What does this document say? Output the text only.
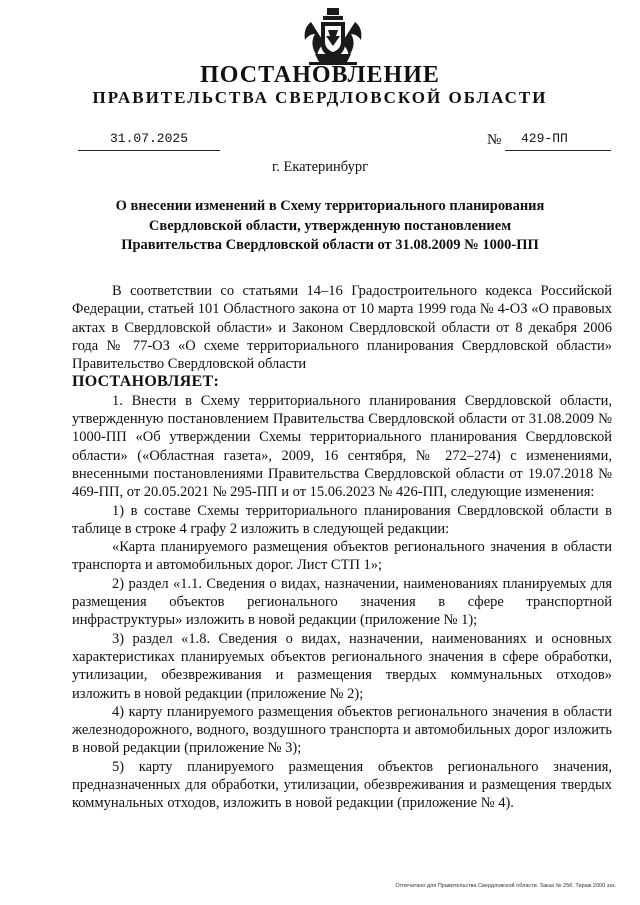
ПОСТАНОВЛЕНИЕ
ПРАВИТЕЛЬСТВА СВЕРДЛОВСКОЙ ОБЛАСТИ
31.07.2025	№ 429-ПП
г. Екатеринбург
О внесении изменений в Схему территориального планирования
Свердловской области, утвержденную постановлением
Правительства Свердловской области от 31.08.2009 № 1000-ПП

В соответствии со статьями 14–16 Градостроительного кодекса Российской Федерации, статьей 101 Областного закона от 10 марта 1999 года № 4-ОЗ «О правовых актах в Свердловской области» и Законом Свердловской области от 8 декабря 2006 года № 77-ОЗ «О схеме территориального планирования Свердловской области» Правительство Свердловской области

ПОСТАНОВЛЯЕТ:

1. Внести в Схему территориального планирования Свердловской области, утвержденную постановлением Правительства Свердловской области от 31.08.2009 № 1000-ПП «Об утверждении Схемы территориального планирования Свердловской области» («Областная газета», 2009, 16 сентября, № 272–274) с изменениями, внесенными постановлениями Правительства Свердловской области от 19.07.2018 № 469-ПП, от 20.05.2021 № 295-ПП и от 15.06.2023 № 426-ПП, следующие изменения:

1) в составе Схемы территориального планирования Свердловской области в таблице в строке 4 графу 2 изложить в следующей редакции:

«Карта планируемого размещения объектов регионального значения в области транспорта и автомобильных дорог. Лист СТП 1»;

2) раздел «1.1. Сведения о видах, назначении, наименованиях планируемых для размещения объектов регионального значения в сфере транспортной инфраструктуры» изложить в новой редакции (приложение № 1);

3) раздел «1.8. Сведения о видах, назначении, наименованиях и основных характеристиках планируемых объектов регионального значения в сфере обработки, утилизации, обезвреживания и размещения твердых коммунальных отходов» изложить в новой редакции (приложение № 2);

4) карту планируемого размещения объектов регионального значения в области железнодорожного, водного, воздушного транспорта и автомобильных дорог изложить в новой редакции (приложение № 3);

5) карту планируемого размещения объектов регионального значения, предназначенных для обработки, утилизации, обезвреживания и размещения твердых коммунальных отходов, изложить в новой редакции (приложение № 4).

Отпечатано для Правительства Свердловской области. Заказ № 256. Тираж 2000 экз.
